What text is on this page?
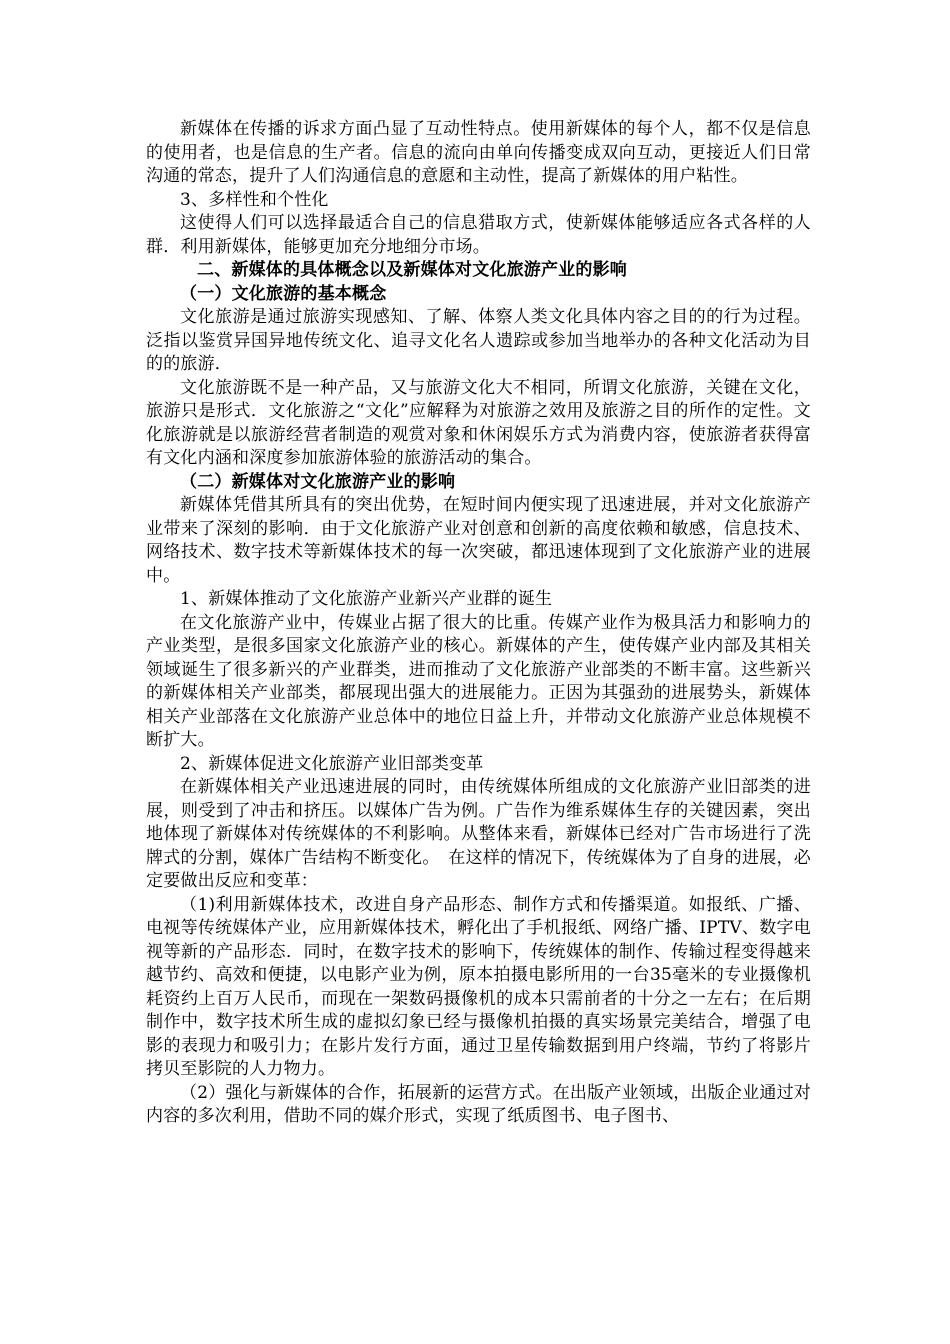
新媒体在传播的诉求方面凸显了互动性特点。使用新媒体的每个人，都不仅是信息的使用者，也是信息的生产者。信息的流向由单向传播变成双向互动，更接近人们日常沟通的常态，提升了人们沟通信息的意愿和主动性，提高了新媒体的用户粘性。

3、多样性和个性化

这使得人们可以选择最适合自己的信息猎取方式，使新媒体能够适应各式各样的人群．利用新媒体，能够更加充分地细分市场。

二、新媒体的具体概念以及新媒体对文化旅游产业的影响

（一）文化旅游的基本概念

文化旅游是通过旅游实现感知、了解、体察人类文化具体内容之目的的行为过程。泛指以鉴赏异国异地传统文化、追寻文化名人遗踪或参加当地举办的各种文化活动为目的的旅游．

文化旅游既不是一种产品，又与旅游文化大不相同，所谓文化旅游，关键在文化，旅游只是形式．文化旅游之“文化”应解释为对旅游之效用及旅游之目的所作的定性。文化旅游就是以旅游经营者制造的观赏对象和休闲娱乐方式为消费内容，使旅游者获得富有文化内涵和深度参加旅游体验的旅游活动的集合。

（二）新媒体对文化旅游产业的影响

新媒体凭借其所具有的突出优势，在短时间内便实现了迅速进展，并对文化旅游产业带来了深刻的影响．由于文化旅游产业对创意和创新的高度依赖和敏感，信息技术、网络技术、数字技术等新媒体技术的每一次突破，都迅速体现到了文化旅游产业的进展中。

1、新媒体推动了文化旅游产业新兴产业群的诞生

在文化旅游产业中，传媒业占据了很大的比重。传媒产业作为极具活力和影响力的产业类型，是很多国家文化旅游产业的核心。新媒体的产生，使传媒产业内部及其相关领域诞生了很多新兴的产业群类，进而推动了文化旅游产业部类的不断丰富。这些新兴的新媒体相关产业部类，都展现出强大的进展能力。正因为其强劲的进展势头，新媒体相关产业部落在文化旅游产业总体中的地位日益上升，并带动文化旅游产业总体规模不断扩大。

2、新媒体促进文化旅游产业旧部类变革

在新媒体相关产业迅速进展的同时，由传统媒体所组成的文化旅游产业旧部类的进展，则受到了冲击和挤压。以媒体广告为例。广告作为维系媒体生存的关键因素，突出地体现了新媒体对传统媒体的不利影响。从整体来看，新媒体已经对广告市场进行了洗牌式的分割，媒体广告结构不断变化。　在这样的情况下，传统媒体为了自身的进展，必定要做出反应和变革：

（1)利用新媒体技术，改进自身产品形态、制作方式和传播渠道。如报纸、广播、电视等传统媒体产业，应用新媒体技术，孵化出了手机报纸、网络广播、IPTV、数字电视等新的产品形态．同时，在数字技术的影响下，传统媒体的制作、传输过程变得越来越节约、高效和便捷，以电影产业为例，原本拍摄电影所用的一台35毫米的专业摄像机耗资约上百万人民币，而现在一架数码摄像机的成本只需前者的十分之一左右；在后期制作中，数字技术所生成的虚拟幻象已经与摄像机拍摄的真实场景完美结合，增强了电影的表现力和吸引力；在影片发行方面，通过卫星传输数据到用户终端，节约了将影片拷贝至影院的人力物力。

（2）强化与新媒体的合作，拓展新的运营方式。在出版产业领域，出版企业通过对内容的多次利用，借助不同的媒介形式，实现了纸质图书、电子图书、
